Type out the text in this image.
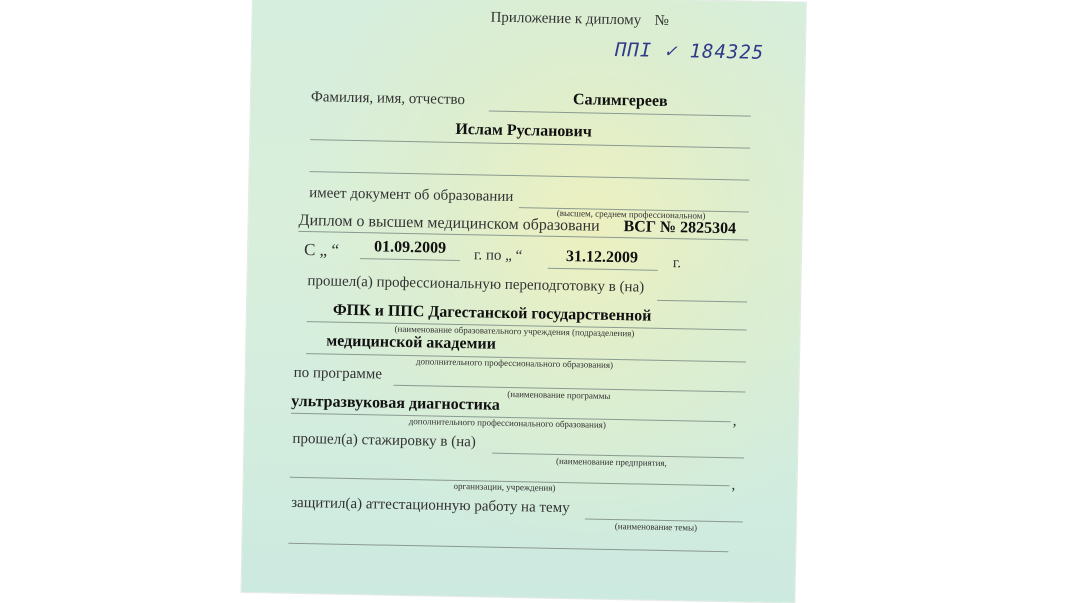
Приложение к диплому №
ППI ✓ 184325
Фамилия, имя, отчество	Салимгереев
Ислам Русланович
имеет документ об образовании
(высшем, среднем профессиональном)
Диплом о высшем медицинском образовани ВСГ № 2825304
С „ “ 01.09.2009 г. по „ “	31.12.2009 г.
прошел(а) профессиональную переподготовку в (на)
ФПК и ППС Дагестанской государственной
(наименование образовательного учреждения (подразделения)
медицинской академии
дополнительного профессионального образования)
по программе
(наименование программы
ультразвуковая диагностика
дополнительного профессионального образования)	,
прошел(а) стажировку в (на)
(наименование предприятия,
организации, учреждения)	,
защитил(а) аттестационную работу на тему
(наименование темы)
